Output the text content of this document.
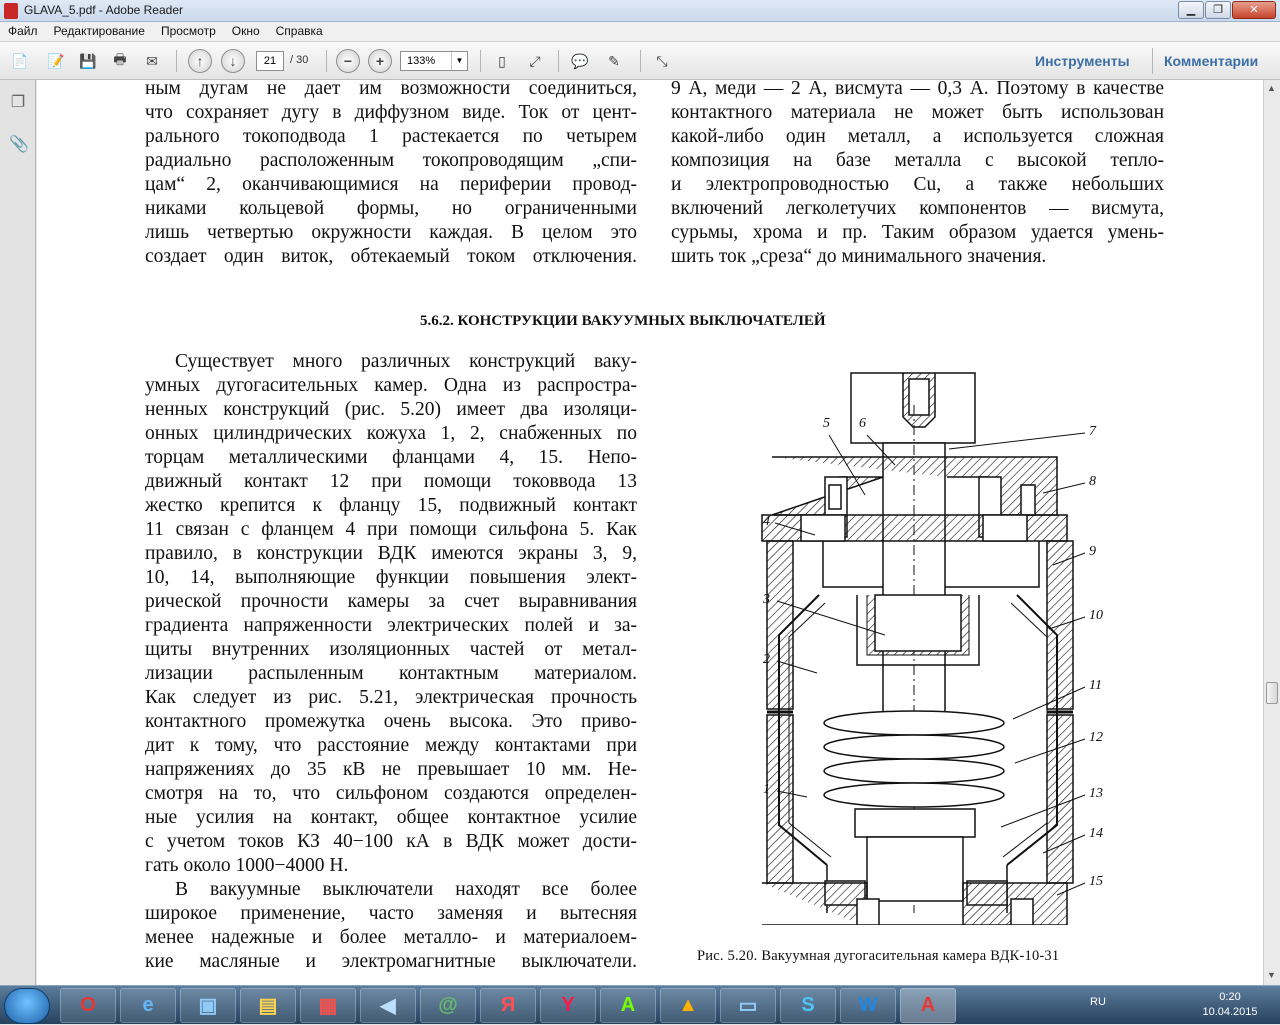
GLAVA_5.pdf - Adobe Reader	▁	❐	✕
Файл	Редактирование	Просмотр	Окно	Справка
📄 📝 💾	🖶	✉	↑	↓	21	/ 30	−	+	133%	▼	▯	⤢	💬	✎	⤡	Инструменты Комментарии
❐
📎
ным дугам не дает им возможности соединиться,
что сохраняет дугу в диффузном виде. Ток от цент-
рального токоподвода 1 растекается по четырем
радиально расположенным токопроводящим „спи-
цам“ 2, оканчивающимися на периферии провод-
никами кольцевой формы, но ограниченными
лишь четвертью окружности каждая. В целом это
создает один виток, обтекаемый током отключения.
9 А, меди — 2 А, висмута — 0,3 А. Поэтому в качестве
контактного материала не может быть использован
какой-либо один металл, а используется сложная
композиция на базе металла с высокой тепло-
и электропроводностью Cu, а также небольших
включений легколетучих компонентов — висмута,
сурьмы, хрома и пр. Таким образом удается умень-
шить ток „среза“ до минимального значения.
5.6.2. КОНСТРУКЦИИ ВАКУУМНЫХ ВЫКЛЮЧАТЕЛЕЙ
Существует много различных конструкций ваку-
умных дугогасительных камер. Одна из распростра-
ненных конструкций (рис. 5.20) имеет два изоляци-
онных цилиндрических кожуха 1, 2, снабженных по
торцам металлическими фланцами 4, 15. Непо-
движный контакт 12 при помощи токоввода 13
жестко крепится к фланцу 15, подвижный контакт
11 связан с фланцем 4 при помощи сильфона 5. Как
правило, в конструкции ВДК имеются экраны 3, 9,
10, 14, выполняющие функции повышения элект-
рической прочности камеры за счет выравнивания
градиента напряженности электрических полей и за-
щиты внутренних изоляционных частей от метал-
лизации распыленным контактным материалом.
Как следует из рис. 5.21, электрическая прочность
контактного промежутка очень высока. Это приво-
дит к тому, что расстояние между контактами при
напряжениях до 35 кВ не превышает 10 мм. Не-
смотря на то, что сильфоном создаются определен-
ные усилия на контакт, общее контактное усилие
с учетом токов КЗ 40−100 кА в ВДК может дости-
гать около 1000−4000 Н.
В вакуумные выключатели находят все более
широкое применение, часто заменяя и вытесняя
менее надежные и более металло- и материалоем-
кие масляные и электромагнитные выключатели.
5 6
7
8
4
9
3
10
2
11
12
1	13
14
15
Рис. 5.20. Вакуумная дугогасительная камера ВДК-10-31
▲
▼
O	e	▣	▤	▦	◀	@	Я	Y	A	▲	▭	S	W	A	RU	0:20
10.04.2015
